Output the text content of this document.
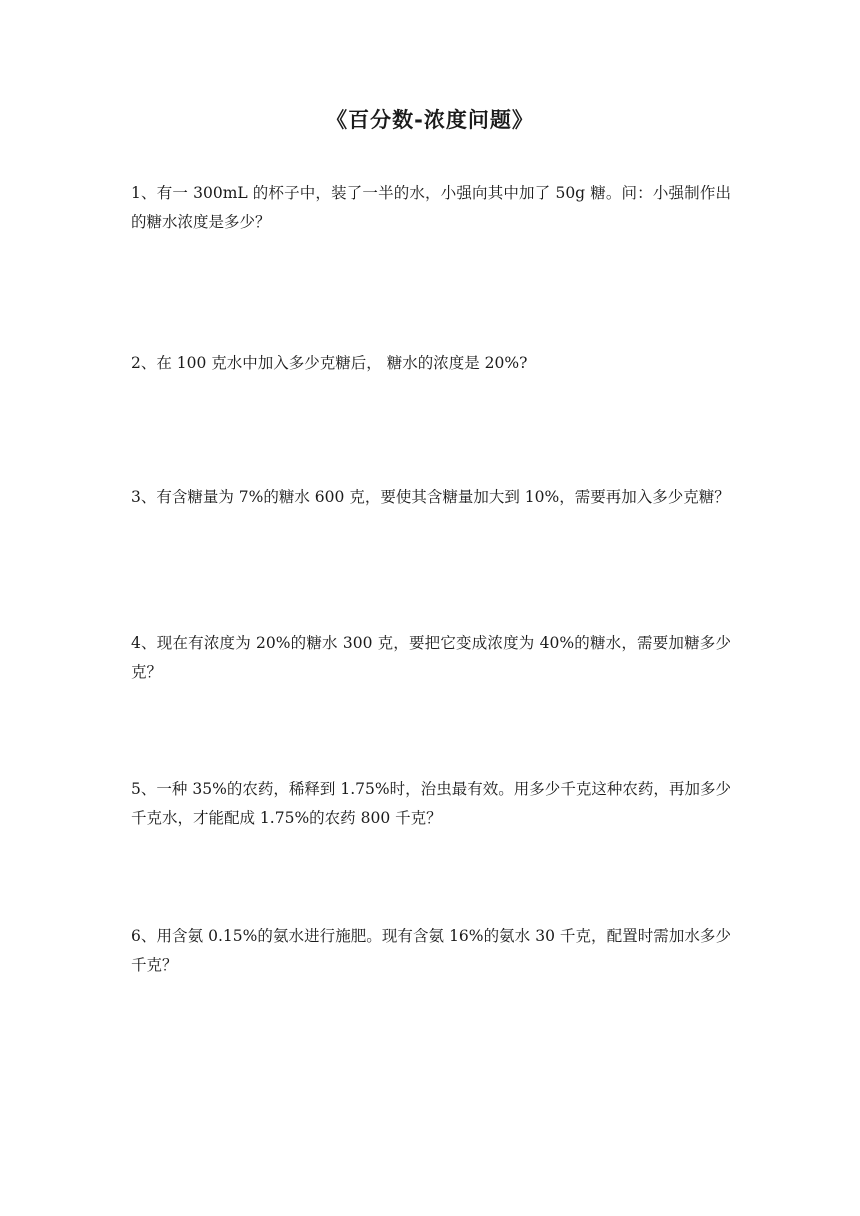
《百分数-浓度问题》
1、有一 300mL 的杯子中，装了一半的水，小强向其中加了 50g 糖。问：小强制作出的糖水浓度是多少？
2、在 100 克水中加入多少克糖后， 糖水的浓度是 20%?
3、有含糖量为 7%的糖水 600 克，要使其含糖量加大到 10%，需要再加入多少克糖？
4、现在有浓度为 20%的糖水 300 克，要把它变成浓度为 40%的糖水，需要加糖多少克？
5、一种 35%的农药，稀释到 1.75%时，治虫最有效。用多少千克这种农药，再加多少千克水，才能配成 1.75%的农药 800 千克？
6、用含氨 0.15%的氨水进行施肥。现有含氨 16%的氨水 30 千克，配置时需加水多少千克？
